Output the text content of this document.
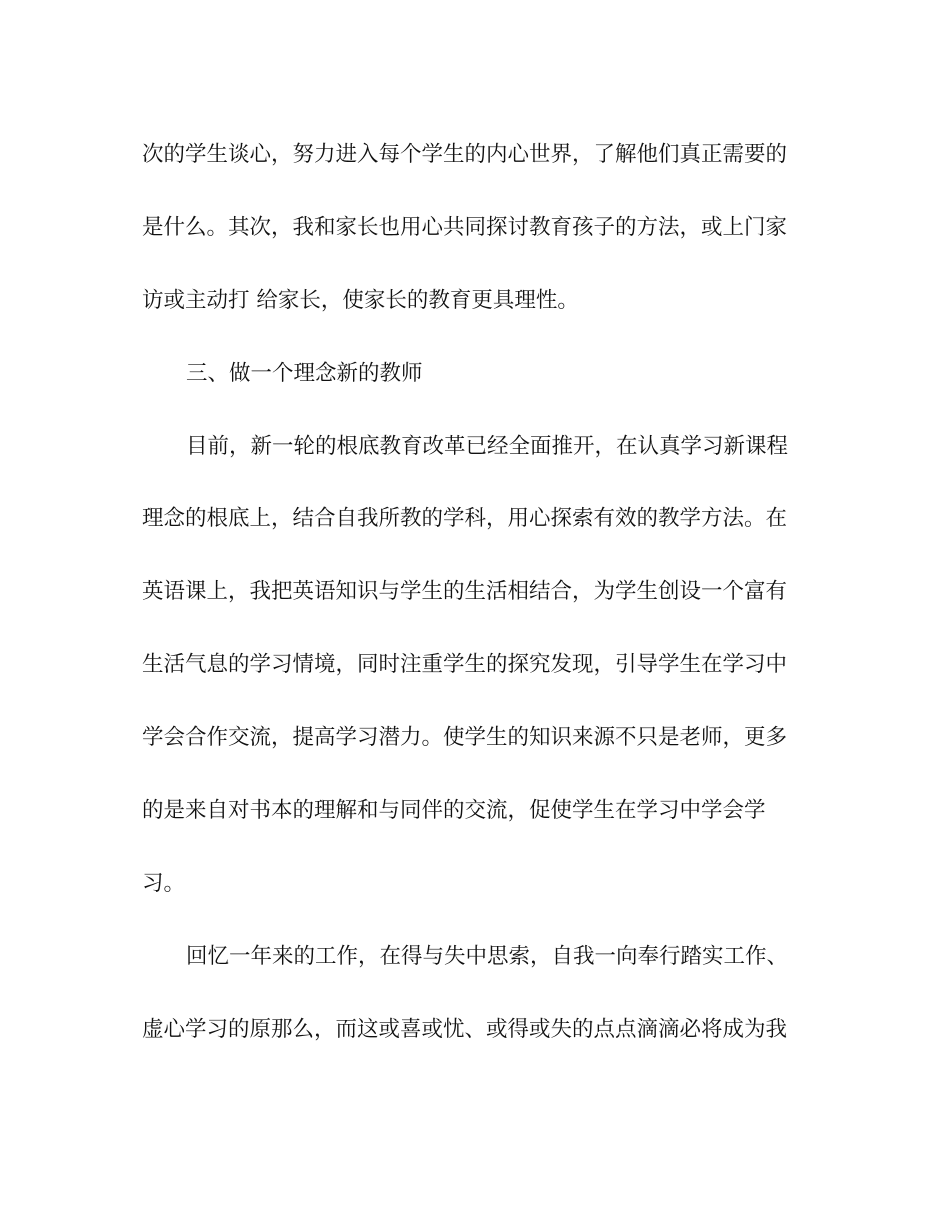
次的学生谈心，努力进入每个学生的内心世界，了解他们真正需要的
是什么。其次，我和家长也用心共同探讨教育孩子的方法，或上门家
访或主动打 给家长，使家长的教育更具理性。
三、做一个理念新的教师
目前，新一轮的根底教育改革已经全面推开，在认真学习新课程
理念的根底上，结合自我所教的学科，用心探索有效的教学方法。在
英语课上，我把英语知识与学生的生活相结合，为学生创设一个富有
生活气息的学习情境，同时注重学生的探究发现，引导学生在学习中
学会合作交流，提高学习潜力。使学生的知识来源不只是老师，更多
的是来自对书本的理解和与同伴的交流，促使学生在学习中学会学
习。
回忆一年来的工作，在得与失中思索，自我一向奉行踏实工作、
虚心学习的原那么，而这或喜或忧、或得或失的点点滴滴必将成为我
